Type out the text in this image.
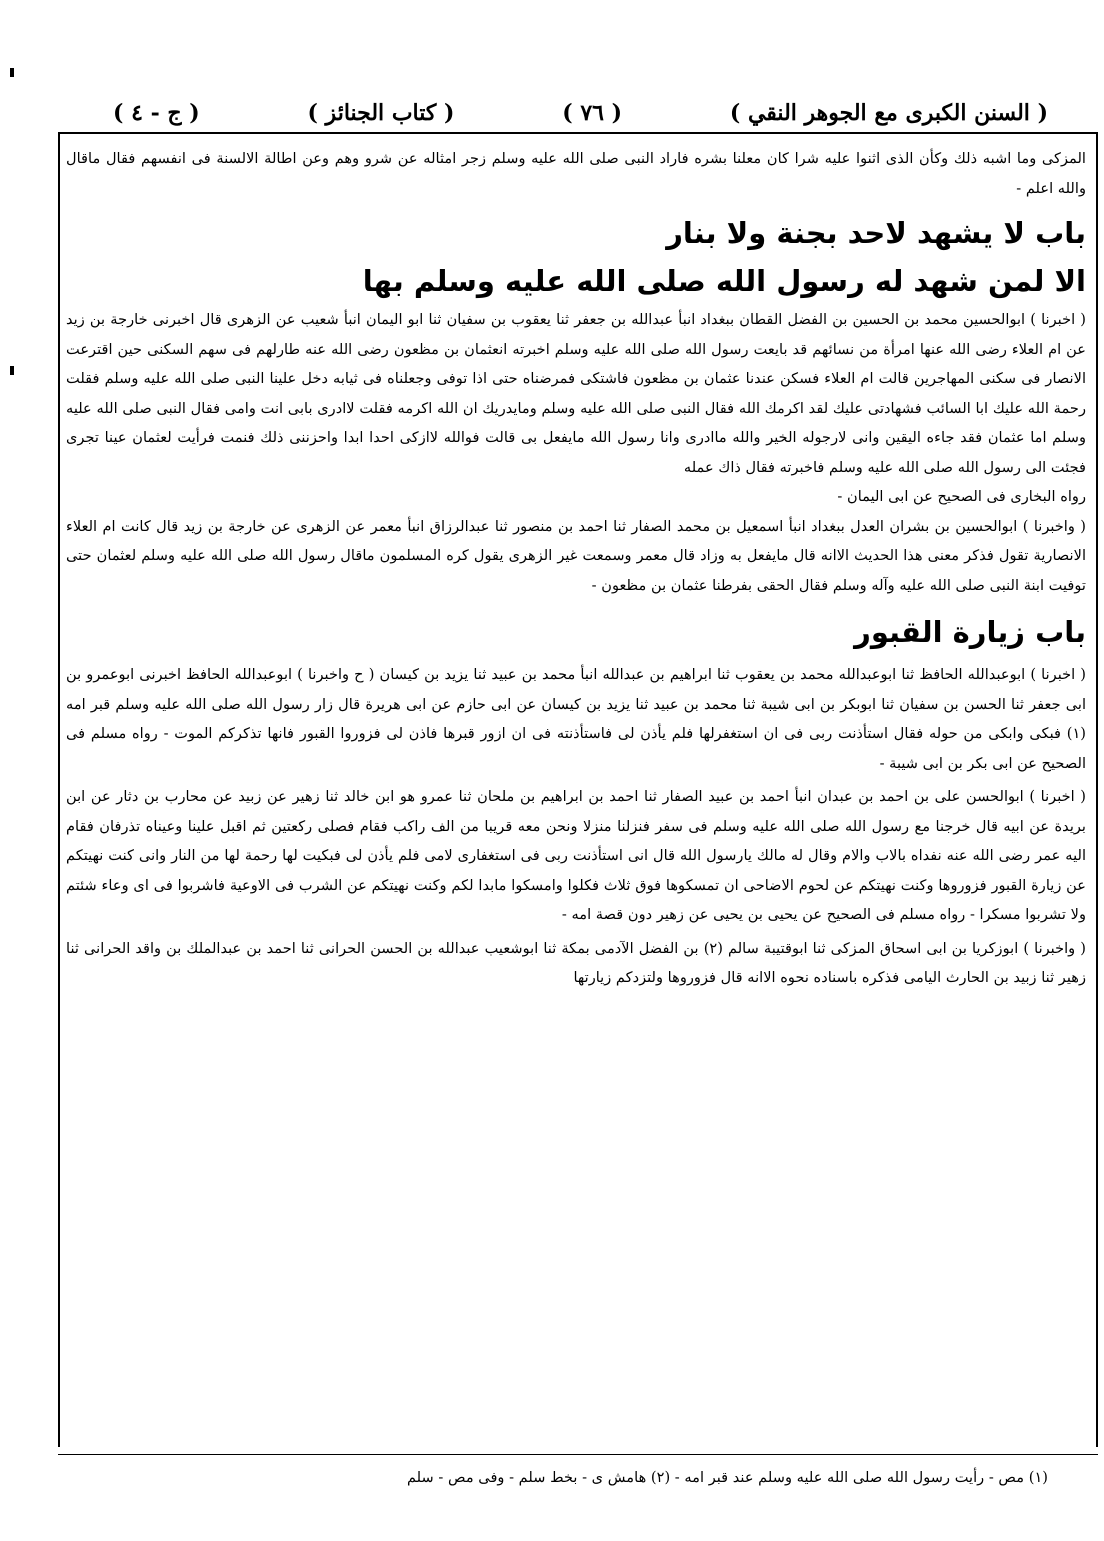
( السنن الكبرى مع الجوهر النقي )
( ٧٦ )
( كتاب الجنائز )
( ج - ٤ )

المزكى وما اشبه ذلك وكأن الذى اثنوا عليه شرا كان معلنا بشره فاراد النبى صلى الله عليه وسلم زجر امثاله عن شرو وهم وعن اطالة الالسنة فى انفسهم فقال ماقال والله اعلم -

باب لا يشهد لاحد بجنة ولا بنار

الا لمن شهد له رسول الله صلى الله عليه وسلم بها

( اخبرنا ) ابوالحسين محمد بن الحسين بن الفضل القطان ببغداد انبأ عبدالله بن جعفر ثنا يعقوب بن سفيان ثنا ابو اليمان انبأ شعيب عن الزهرى قال اخبرنى خارجة بن زيد عن ام العلاء رضى الله عنها امرأة من نسائهم قد بايعت رسول الله صلى الله عليه وسلم اخبرته انعثمان بن مظعون رضى الله عنه طارلهم فى سهم السكنى حين اقترعت الانصار فى سكنى المهاجرين قالت ام العلاء فسكن عندنا عثمان بن مظعون فاشتكى فمرضناه حتى اذا توفى وجعلناه فى ثيابه دخل علينا النبى صلى الله عليه وسلم فقلت رحمة الله عليك ابا السائب فشهادتى عليك لقد اكرمك الله فقال النبى صلى الله عليه وسلم ومايدريك ان الله اكرمه فقلت لاادرى بابى انت وامى فقال النبى صلى الله عليه وسلم اما عثمان فقد جاءه اليقين وانى لارجوله الخير والله ماادرى وانا رسول الله مايفعل بى قالت فوالله لاازكى احدا ابدا واحزننى ذلك فنمت فرأيت لعثمان عينا تجرى فجئت الى رسول الله صلى الله عليه وسلم فاخبرته فقال ذاك عمله

رواه البخارى فى الصحيح عن ابى اليمان -

( واخبرنا ) ابوالحسين بن بشران العدل ببغداد انبأ اسمعيل بن محمد الصفار ثنا احمد بن منصور ثنا عبدالرزاق انبأ معمر عن الزهرى عن خارجة بن زيد قال كانت ام العلاء الانصارية تقول فذكر معنى هذا الحديث الاانه قال مايفعل به وزاد قال معمر وسمعت غير الزهرى يقول كره المسلمون ماقال رسول الله صلى الله عليه وسلم لعثمان حتى توفيت ابنة النبى صلى الله عليه وآله وسلم فقال الحقى بفرطنا عثمان بن مظعون -

باب زيارة القبور

( اخبرنا ) ابوعبدالله الحافظ ثنا ابوعبدالله محمد بن يعقوب ثنا ابراهيم بن عبدالله انبأ محمد بن عبيد ثنا يزيد بن كيسان ( ح واخبرنا ) ابوعبدالله الحافظ اخبرنى ابوعمرو بن ابى جعفر ثنا الحسن بن سفيان ثنا ابوبكر بن ابى شيبة ثنا محمد بن عبيد ثنا يزيد بن كيسان عن ابى حازم عن ابى هريرة قال زار رسول الله صلى الله عليه وسلم قبر امه (١) فبكى وابكى من حوله فقال استأذنت ربى فى ان استغفرلها فلم يأذن لى فاستأذنته فى ان ازور قبرها فاذن لى فزوروا القبور فانها تذكركم الموت - رواه مسلم فى الصحيح عن ابى بكر بن ابى شيبة -

( اخبرنا ) ابوالحسن على بن احمد بن عبدان انبأ احمد بن عبيد الصفار ثنا احمد بن ابراهيم بن ملحان ثنا عمرو هو ابن خالد ثنا زهير عن زبيد عن محارب بن دثار عن ابن بريدة عن ابيه قال خرجنا مع رسول الله صلى الله عليه وسلم فى سفر فنزلنا منزلا ونحن معه قريبا من الف راكب فقام فصلى ركعتين ثم اقبل علينا وعيناه تذرفان فقام اليه عمر رضى الله عنه نفداه بالاب والام وقال له مالك يارسول الله قال انى استأذنت ربى فى استغفارى لامى فلم يأذن لى فبكيت لها رحمة لها من النار وانى كنت نهيتكم عن زيارة القبور فزوروها وكنت نهيتكم عن لحوم الاضاحى ان تمسكوها فوق ثلاث فكلوا وامسكوا مابدا لكم وكنت نهيتكم عن الشرب فى الاوعية فاشربوا فى اى وعاء شئتم ولا تشربوا مسكرا - رواه مسلم فى الصحيح عن يحيى بن يحيى عن زهير دون قصة امه -

( واخبرنا ) ابوزكريا بن ابى اسحاق المزكى ثنا ابوقتيبة سالم (٢) بن الفضل الآدمى بمكة ثنا ابوشعيب عبدالله بن الحسن الحرانى ثنا احمد بن عبدالملك بن واقد الحرانى ثنا زهير ثنا زبيد بن الحارث اليامى فذكره باسناده نحوه الاانه قال فزوروها ولتزدكم زيارتها

(١) مص - رأيت رسول الله صلى الله عليه وسلم عند قبر امه - (٢) هامش ى - بخط سلم - وفى مص - سلم
